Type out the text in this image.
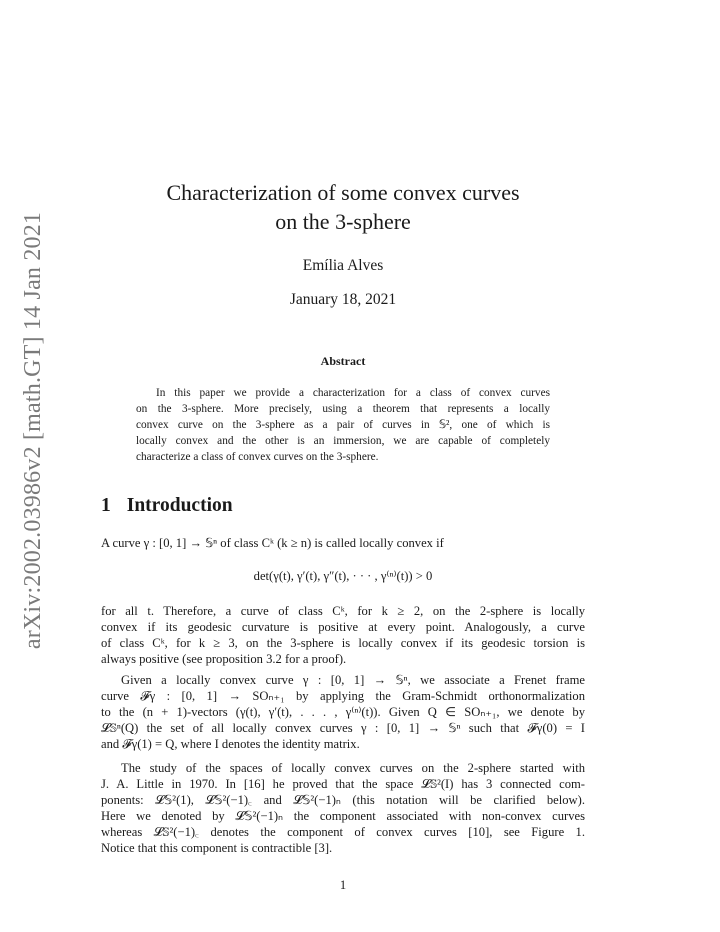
arXiv:2002.03986v2 [math.GT] 14 Jan 2021
Characterization of some convex curves
on the 3-sphere
Emília Alves
January 18, 2021
Abstract
In this paper we provide a characterization for a class of convex curves
on the 3-sphere. More precisely, using a theorem that represents a locally
convex curve on the 3-sphere as a pair of curves in 𝕊², one of which is
locally convex and the other is an immersion, we are capable of completely
characterize a class of convex curves on the 3-sphere.
1 Introduction
A curve γ : [0, 1] → 𝕊ⁿ of class Cᵏ (k ≥ n) is called locally convex if
det(γ(t), γ′(t), γ″(t), · · · , γ⁽ⁿ⁾(t)) > 0
for all t. Therefore, a curve of class Cᵏ, for k ≥ 2, on the 2-sphere is locally
convex if its geodesic curvature is positive at every point. Analogously, a curve
of class Cᵏ, for k ≥ 3, on the 3-sphere is locally convex if its geodesic torsion is
always positive (see proposition 3.2 for a proof).
Given a locally convex curve γ : [0, 1] → 𝕊ⁿ, we associate a Frenet frame
curve 𝓕γ : [0, 1] → SOₙ₊₁ by applying the Gram-Schmidt orthonormalization
to the (n + 1)-vectors (γ(t), γ′(t), . . . , γ⁽ⁿ⁾(t)). Given Q ∈ SOₙ₊₁, we denote by
𝓛𝕊ⁿ(Q) the set of all locally convex curves γ : [0, 1] → 𝕊ⁿ such that 𝓕γ(0) = I
and 𝓕γ(1) = Q, where I denotes the identity matrix.
The study of the spaces of locally convex curves on the 2-sphere started with
J. A. Little in 1970. In [16] he proved that the space 𝓛𝕊²(I) has 3 connected com-
ponents: 𝓛𝕊²(1), 𝓛𝕊²(−1)꜀ and 𝓛𝕊²(−1)ₙ (this notation will be clarified below).
Here we denoted by 𝓛𝕊²(−1)ₙ the component associated with non-convex curves
whereas 𝓛𝕊²(−1)꜀ denotes the component of convex curves [10], see Figure 1.
Notice that this component is contractible [3].
1
